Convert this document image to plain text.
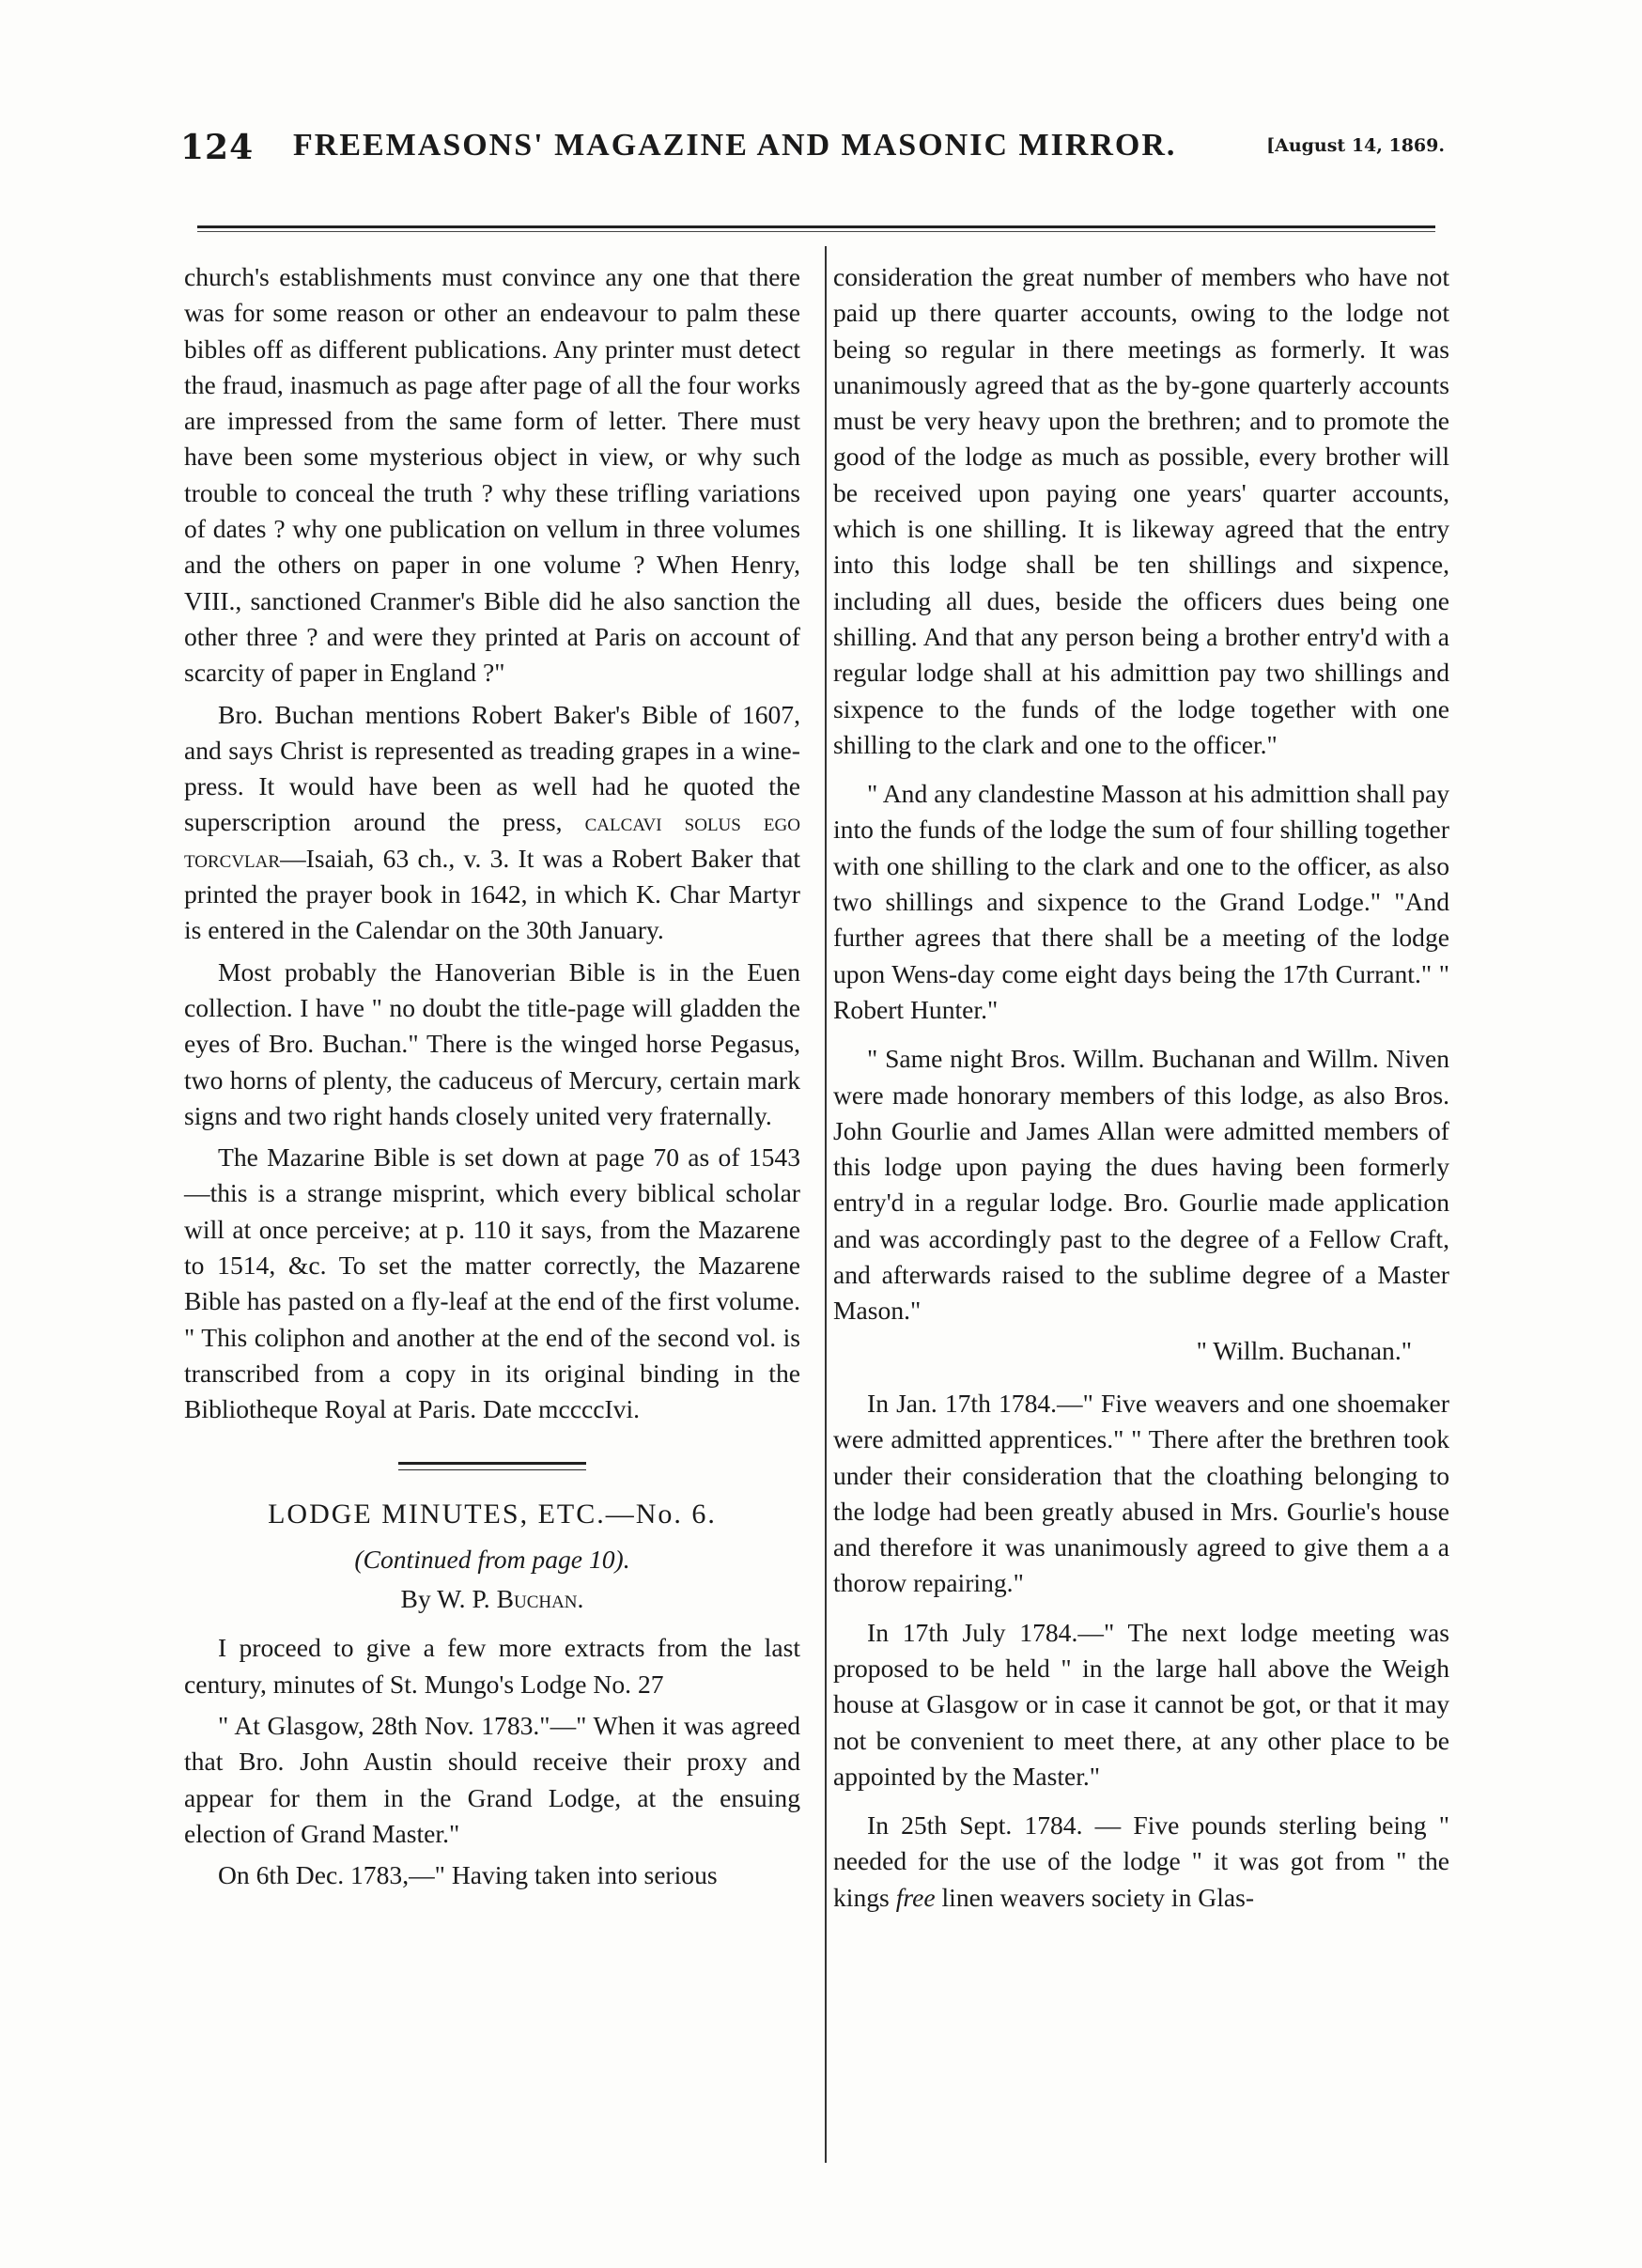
124 FREEMASONS' MAGAZINE AND MASONIC MIRROR.	[August 14, 1869.

church's establishments must convince any one that there was for some reason or other an endeavour to palm these bibles off as different publications. Any printer must detect the fraud, inasmuch as page after page of all the four works are impressed from the same form of letter. There must have been some mysterious object in view, or why such trouble to conceal the truth ? why these trifling variations of dates ? why one publication on vellum in three volumes and the others on paper in one volume ? When Henry, VIII., sanctioned Cranmer's Bible did he also sanction the other three ? and were they printed at Paris on account of scarcity of paper in England ?"

Bro. Buchan mentions Robert Baker's Bible of 1607, and says Christ is represented as treading grapes in a wine-press. It would have been as well had he quoted the superscription around the press, calcavi solus ego torcvlar—Isaiah, 63 ch., v. 3. It was a Robert Baker that printed the prayer book in 1642, in which K. Char Martyr is entered in the Calendar on the 30th January.

Most probably the Hanoverian Bible is in the Euen collection. I have " no doubt the title-page will gladden the eyes of Bro. Buchan." There is the winged horse Pegasus, two horns of plenty, the caduceus of Mercury, certain mark signs and two right hands closely united very fraternally.

The Mazarine Bible is set down at page 70 as of 1543—this is a strange misprint, which every biblical scholar will at once perceive; at p. 110 it says, from the Mazarene to 1514, &c. To set the matter correctly, the Mazarene Bible has pasted on a fly-leaf at the end of the first volume. " This coliphon and another at the end of the second vol. is transcribed from a copy in its original binding in the Bibliotheque Royal at Paris. Date mccccIvi.

LODGE MINUTES, ETC.—No. 6.
(Continued from page 10).
By W. P. Buchan.

I proceed to give a few more extracts from the last century, minutes of St. Mungo's Lodge No. 27

" At Glasgow, 28th Nov. 1783."—" When it was agreed that Bro. John Austin should receive their proxy and appear for them in the Grand Lodge, at the ensuing election of Grand Master."

On 6th Dec. 1783,—" Having taken into serious

consideration the great number of members who have not paid up there quarter accounts, owing to the lodge not being so regular in there meetings as formerly. It was unanimously agreed that as the by-gone quarterly accounts must be very heavy upon the brethren; and to promote the good of the lodge as much as possible, every brother will be received upon paying one years' quarter accounts, which is one shilling. It is likeway agreed that the entry into this lodge shall be ten shillings and sixpence, including all dues, beside the officers dues being one shilling. And that any person being a brother entry'd with a regular lodge shall at his admittion pay two shillings and sixpence to the funds of the lodge together with one shilling to the clark and one to the officer."

" And any clandestine Masson at his admittion shall pay into the funds of the lodge the sum of four shilling together with one shilling to the clark and one to the officer, as also two shillings and sixpence to the Grand Lodge." "And further agrees that there shall be a meeting of the lodge upon Wens-day come eight days being the 17th Currant." " Robert Hunter."

" Same night Bros. Willm. Buchanan and Willm. Niven were made honorary members of this lodge, as also Bros. John Gourlie and James Allan were admitted members of this lodge upon paying the dues having been formerly entry'd in a regular lodge. Bro. Gourlie made application and was accordingly past to the degree of a Fellow Craft, and afterwards raised to the sublime degree of a Master Mason."

" Willm. Buchanan."

In Jan. 17th 1784.—" Five weavers and one shoemaker were admitted apprentices." " There after the brethren took under their consideration that the cloathing belonging to the lodge had been greatly abused in Mrs. Gourlie's house and therefore it was unanimously agreed to give them a a thorow repairing."

In 17th July 1784.—" The next lodge meeting was proposed to be held " in the large hall above the Weigh house at Glasgow or in case it cannot be got, or that it may not be convenient to meet there, at any other place to be appointed by the Master."

In 25th Sept. 1784. — Five pounds sterling being " needed for the use of the lodge " it was got from " the kings free linen weavers society in Glas-
